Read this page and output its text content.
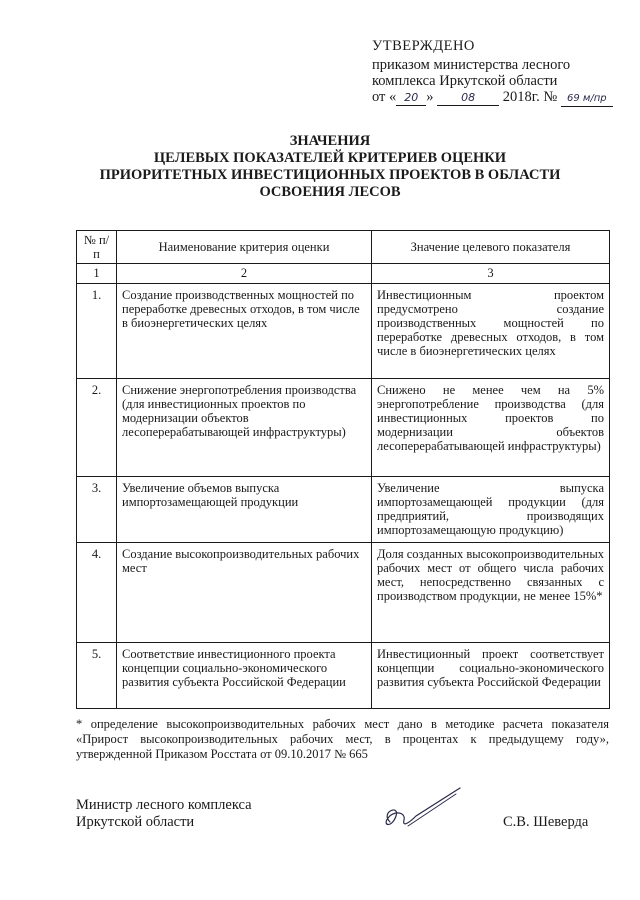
УТВЕРЖДЕНО
приказом министерства лесного
комплекса Иркутской области
от « 20 »	08 2018г. № 69 м/пр
ЗНАЧЕНИЯ
ЦЕЛЕВЫХ ПОКАЗАТЕЛЕЙ КРИТЕРИЕВ ОЦЕНКИ
ПРИОРИТЕТНЫХ ИНВЕСТИЦИОННЫХ ПРОЕКТОВ В ОБЛАСТИ
ОСВОЕНИЯ ЛЕСОВ
№ п/п	Наименование критерия оценки	Значение целевого показателя
1	2	3
1.	Создание производственных мощностей по переработке древесных отходов, в том числе в биоэнергетических целях	Инвестиционным проектом предусмотрено создание производственных мощностей по переработке древесных отходов, в том числе в биоэнергетических целях
2.	Снижение энергопотребления производства (для инвестиционных проектов по модернизации объектов лесоперерабатывающей инфраструктуры)	Снижено не менее чем на 5% энергопотребление производства (для инвестиционных проектов по модернизации объектов лесоперерабатывающей инфраструктуры)
3.	Увеличение объемов выпуска импортозамещающей продукции	Увеличение выпуска импортозамещающей продукции (для предприятий, производящих импортозамещающую продукцию)
4.	Создание высокопроизводительных рабочих мест	Доля созданных высокопроизводительных рабочих мест от общего числа рабочих мест, непосредственно связанных с производством продукции, не менее 15%*
5.	Соответствие инвестиционного проекта концепции социально-экономического развития субъекта Российской Федерации	Инвестиционный проект соответствует концепции социально-экономического развития субъекта Российской Федерации
* определение высокопроизводительных рабочих мест дано в методике расчета показателя «Прирост высокопроизводительных рабочих мест, в процентах к предыдущему году», утвержденной Приказом Росстата от 09.10.2017 № 665
Министр лесного комплекса
Иркутской области	С.В. Шеверда
